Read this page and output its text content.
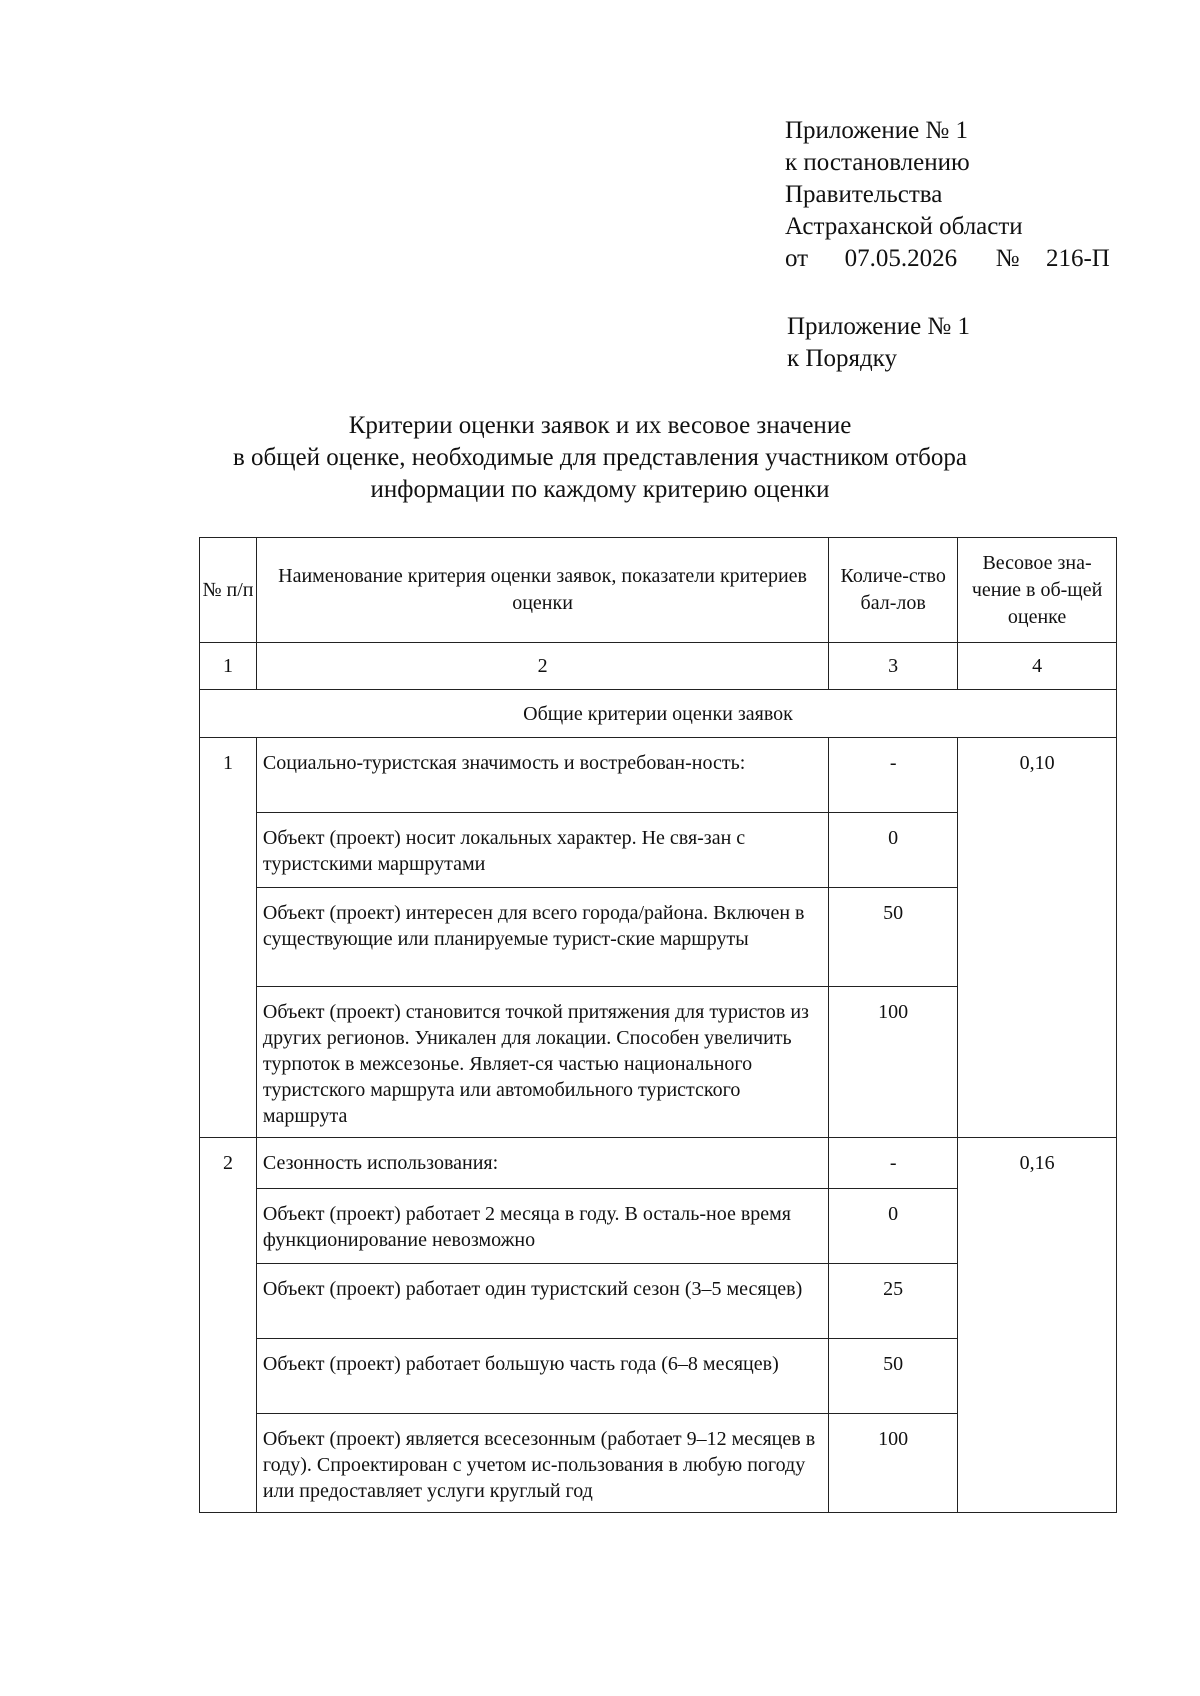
Приложение № 1
к постановлению
Правительства
Астраханской области
от 07.05.2026 № 216-П
Приложение № 1
к Порядку
Критерии оценки заявок и их весовое значение
в общей оценке, необходимые для представления участником отбора
информации по каждому критерию оценки
№ п/п	Наименование критерия оценки заявок, показатели критериев оценки	Количе-ство бал-лов	Весовое зна-чение в об-щей оценке
1	2	3	4
Общие критерии оценки заявок			
1	Социально-туристская значимость и востребован-ность:	-	0,10
	Объект (проект) носит локальных характер. Не свя-зан с туристскими маршрутами	0	
	Объект (проект) интересен для всего города/района. Включен в существующие или планируемые турист-ские маршруты	50	
	Объект (проект) становится точкой притяжения для туристов из других регионов. Уникален для локации. Способен увеличить турпоток в межсезонье. Являет-ся частью национального туристского маршрута или автомобильного туристского маршрута	100	
2	Сезонность использования:	-	0,16
	Объект (проект) работает 2 месяца в году. В осталь-ное время функционирование невозможно	0	
	Объект (проект) работает один туристский сезон (3–5 месяцев)	25	
	Объект (проект) работает большую часть года (6–8 месяцев)	50	
	Объект (проект) является всесезонным (работает 9–12 месяцев в году). Спроектирован с учетом ис-пользования в любую погоду или предоставляет услуги круглый год	100	
